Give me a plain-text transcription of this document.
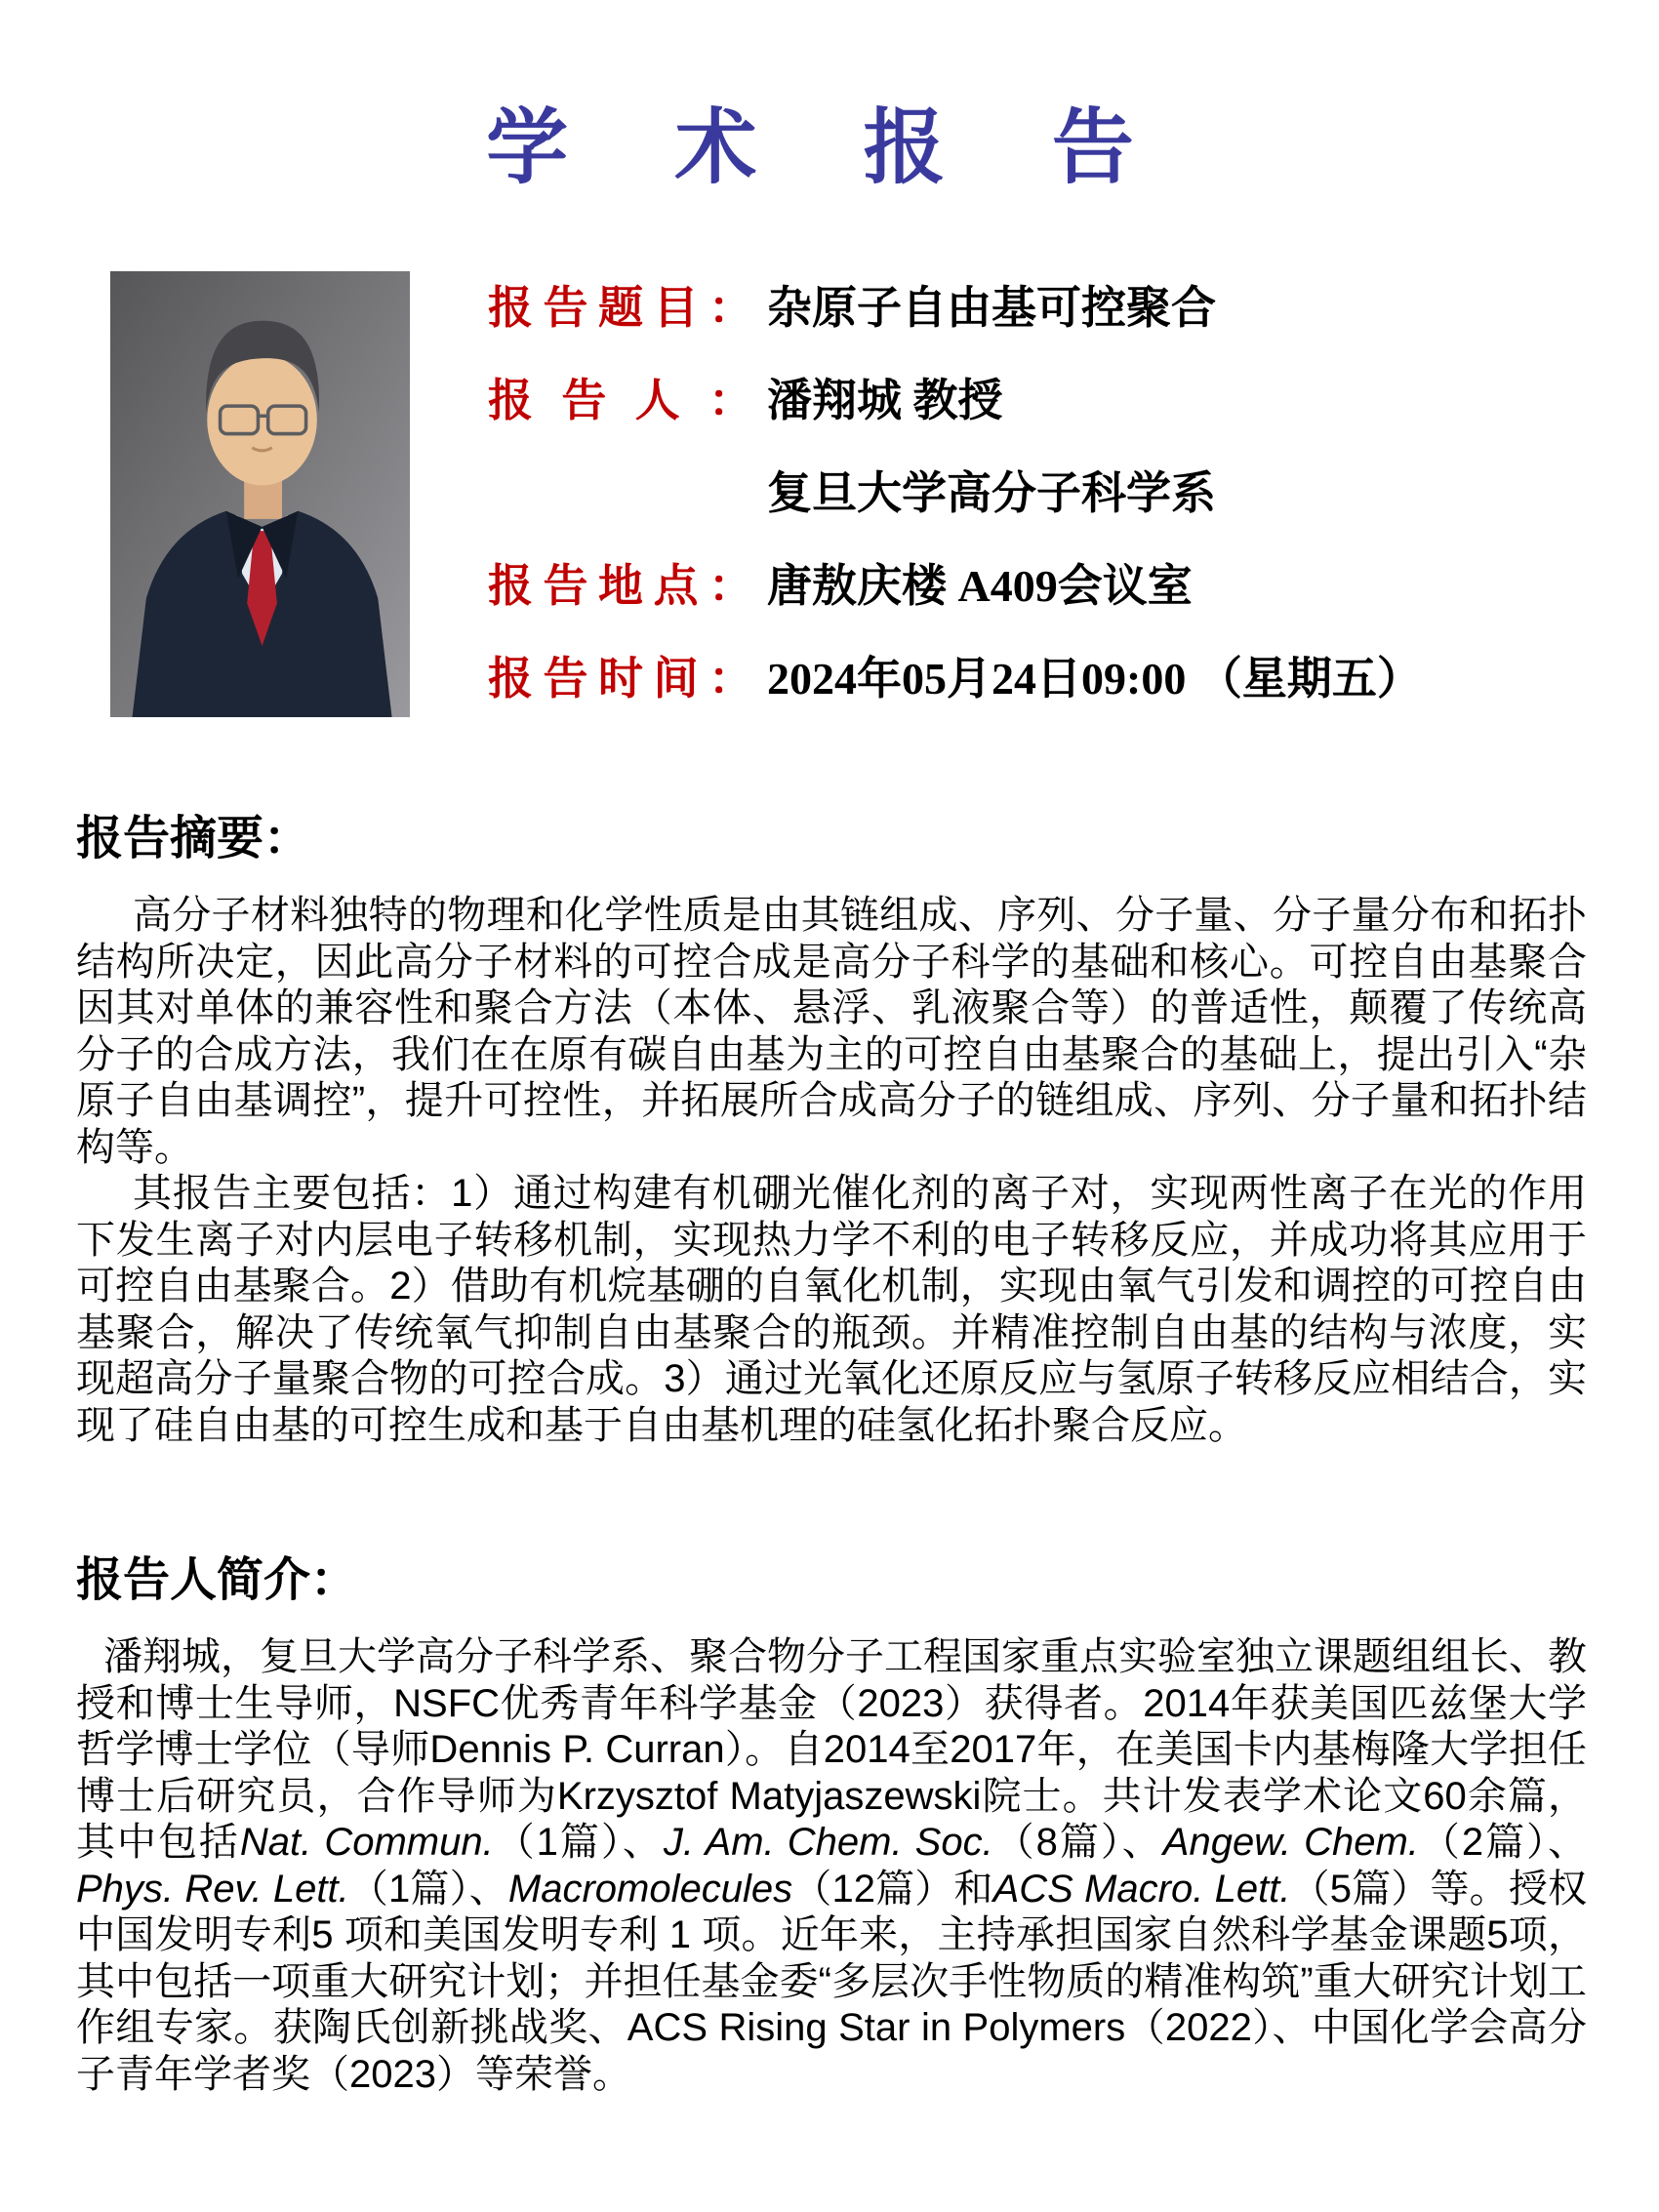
学 术 报 告
报告题目： 杂原子自由基可控聚合
报 告 人 ： 潘翔城 教授
复旦大学高分子科学系
报告地点： 唐敖庆楼 A409会议室
报告时间： 2024年05月24日09:00 （星期五）
报告摘要：

高分子材料独特的物理和化学性质是由其链组成、序列、分子量、分子量分布和拓扑结构所决定，因此高分子材料的可控合成是高分子科学的基础和核心。可控自由基聚合因其对单体的兼容性和聚合方法（本体、悬浮、乳液聚合等）的普适性，颠覆了传统高分子的合成方法，我们在在原有碳自由基为主的可控自由基聚合的基础上，提出引入“杂原子自由基调控”，提升可控性，并拓展所合成高分子的链组成、序列、分子量和拓扑结构等。

其报告主要包括：1）通过构建有机硼光催化剂的离子对，实现两性离子在光的作用下发生离子对内层电子转移机制，实现热力学不利的电子转移反应，并成功将其应用于可控自由基聚合。2）借助有机烷基硼的自氧化机制，实现由氧气引发和调控的可控自由基聚合，解决了传统氧气抑制自由基聚合的瓶颈。并精准控制自由基的结构与浓度，实现超高分子量聚合物的可控合成。3）通过光氧化还原反应与氢原子转移反应相结合，实现了硅自由基的可控生成和基于自由基机理的硅氢化拓扑聚合反应。

报告人简介：

潘翔城，复旦大学高分子科学系、聚合物分子工程国家重点实验室独立课题组组长、教授和博士生导师，NSFC优秀青年科学基金（2023）获得者。2014年获美国匹兹堡大学哲学博士学位（导师Dennis P. Curran）。自2014至2017年，在美国卡内基梅隆大学担任博士后研究员，合作导师为Krzysztof Matyjaszewski院士。共计发表学术论文60余篇，其中包括Nat. Commun.（1篇）、J. Am. Chem. Soc.（8篇）、Angew. Chem.（2篇）、Phys. Rev. Lett.（1篇）、Macromolecules（12篇）和ACS Macro. Lett.（5篇）等。授权中国发明专利5 项和美国发明专利 1 项。近年来，主持承担国家自然科学基金课题5项，其中包括一项重大研究计划；并担任基金委“多层次手性物质的精准构筑”重大研究计划工作组专家。获陶氏创新挑战奖、ACS Rising Star in Polymers（2022）、中国化学会高分子青年学者奖（2023）等荣誉。
